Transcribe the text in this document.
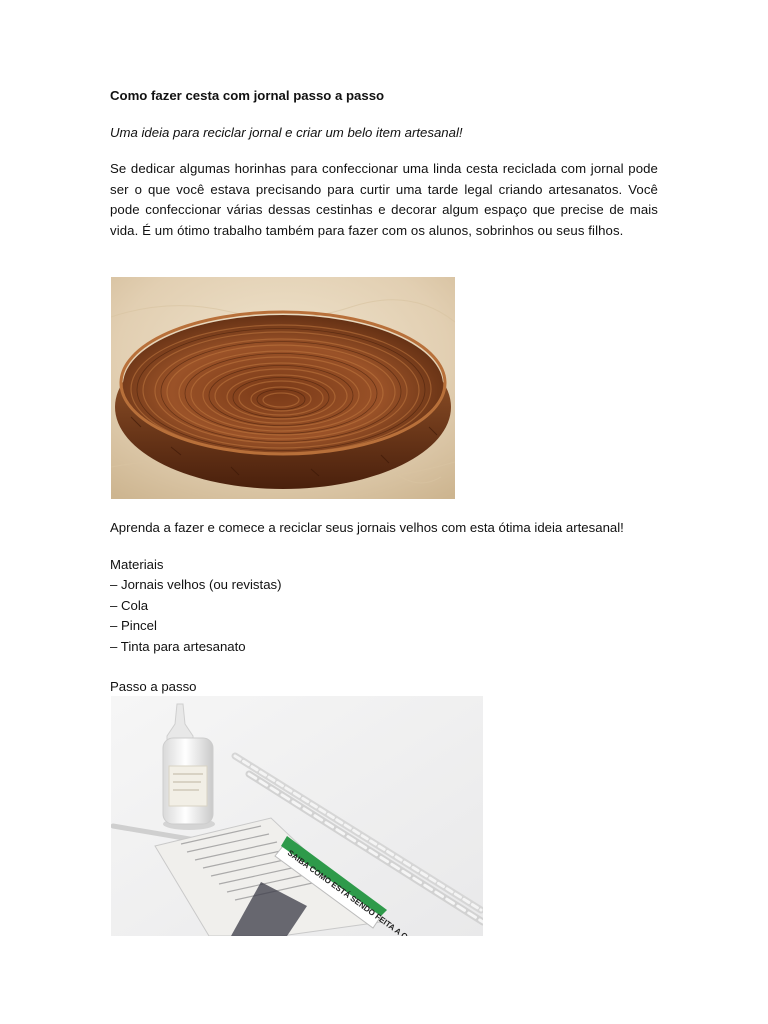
Como fazer cesta com jornal passo a passo

Uma ideia para reciclar jornal e criar um belo item artesanal!

Se dedicar algumas horinhas para confeccionar uma linda cesta reciclada com jornal pode ser o que você estava precisando para curtir uma tarde legal criando artesanatos. Você pode confeccionar várias dessas cestinhas e decorar algum espaço que precise de mais vida. É um ótimo trabalho também para fazer com os alunos, sobrinhos ou seus filhos.

Aprenda a fazer e comece a reciclar seus jornais velhos com esta ótima ideia artesanal!

Materiais

– Jornais velhos (ou revistas)
– Cola
– Pincel
– Tinta para artesanato

Passo a passo
